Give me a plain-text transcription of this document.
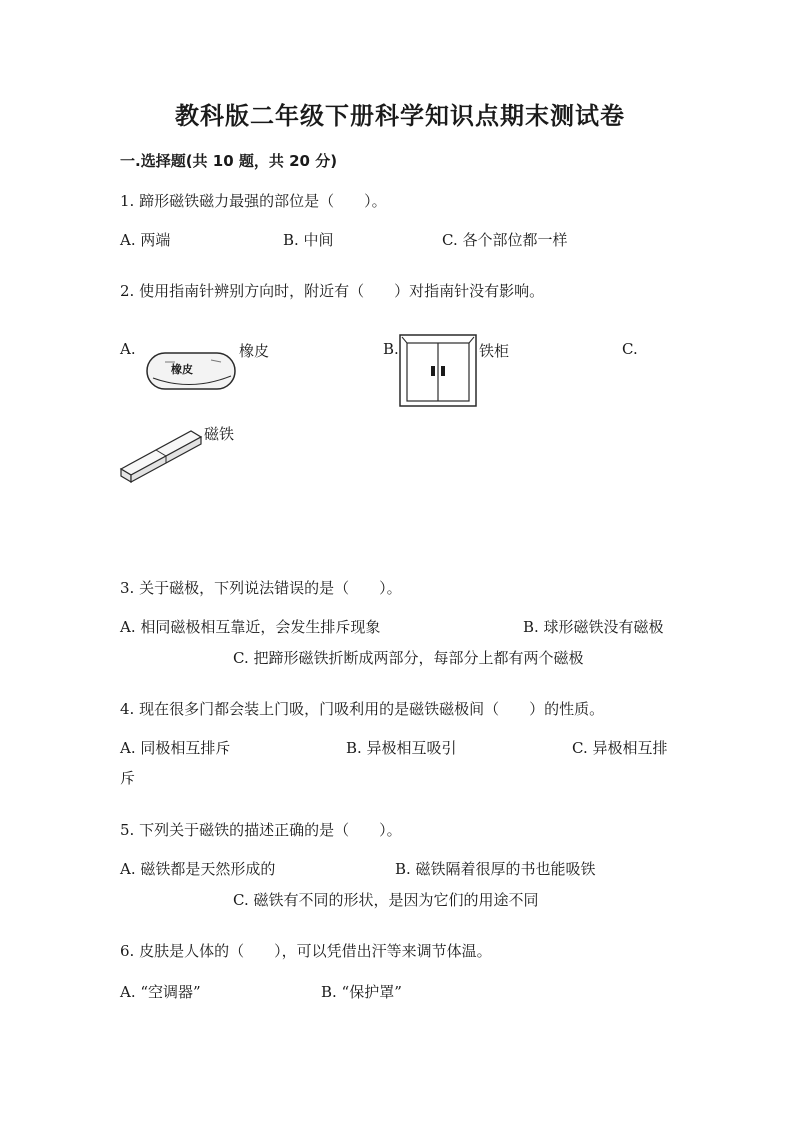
教科版二年级下册科学知识点期末测试卷
一.选择题(共 10 题，共 20 分)
1. 蹄形磁铁磁力最强的部位是（　　）。
A. 两端	B. 中间	C. 各个部位都一样
2. 使用指南针辨别方向时，附近有（　　）对指南针没有影响。
A.	B.	C.
橡皮	铁柜
磁铁
橡皮
3. 关于磁极，下列说法错误的是（　　）。
A. 相同磁极相互靠近，会发生排斥现象	B. 球形磁铁没有磁极
C. 把蹄形磁铁折断成两部分，每部分上都有两个磁极
4. 现在很多门都会装上门吸，门吸利用的是磁铁磁极间（　　）的性质。
A. 同极相互排斥	B. 异极相互吸引	C. 异极相互排
斥
5. 下列关于磁铁的描述正确的是（　　）。
A. 磁铁都是天然形成的	B. 磁铁隔着很厚的书也能吸铁
C. 磁铁有不同的形状，是因为它们的用途不同
6. 皮肤是人体的（　　），可以凭借出汗等来调节体温。
A. “空调器”	B. “保护罩”
